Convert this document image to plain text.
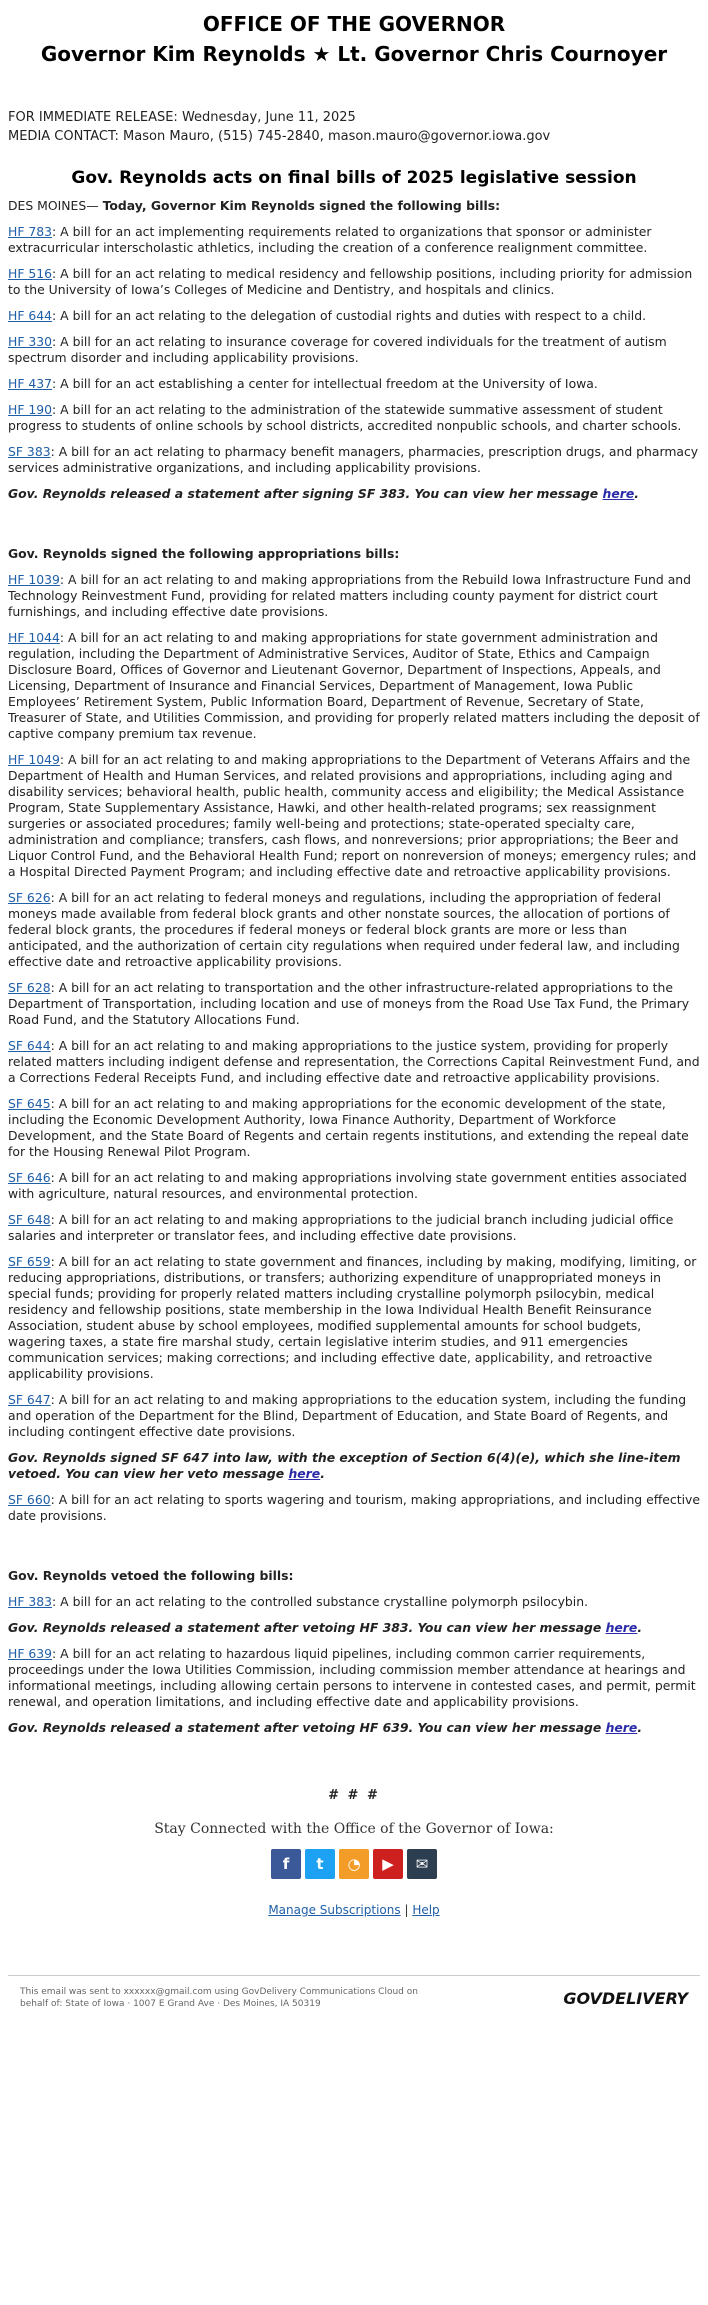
OFFICE OF THE GOVERNOR
Governor Kim Reynolds ★ Lt. Governor Chris Cournoyer
FOR IMMEDIATE RELEASE: Wednesday, June 11, 2025
MEDIA CONTACT: Mason Mauro, (515) 745-2840, mason.mauro@governor.iowa.gov
Gov. Reynolds acts on final bills of 2025 legislative session

DES MOINES— Today, Governor Kim Reynolds signed the following bills:

HF 783: A bill for an act implementing requirements related to organizations that sponsor or administer extracurricular interscholastic athletics, including the creation of a conference realignment committee.

HF 516: A bill for an act relating to medical residency and fellowship positions, including priority for admission to the University of Iowa’s Colleges of Medicine and Dentistry, and hospitals and clinics.

HF 644: A bill for an act relating to the delegation of custodial rights and duties with respect to a child.

HF 330: A bill for an act relating to insurance coverage for covered individuals for the treatment of autism spectrum disorder and including applicability provisions.

HF 437: A bill for an act establishing a center for intellectual freedom at the University of Iowa.

HF 190: A bill for an act relating to the administration of the statewide summative assessment of student progress to students of online schools by school districts, accredited nonpublic schools, and charter schools.

SF 383: A bill for an act relating to pharmacy benefit managers, pharmacies, prescription drugs, and pharmacy services administrative organizations, and including applicability provisions.

Gov. Reynolds released a statement after signing SF 383. You can view her message here.

Gov. Reynolds signed the following appropriations bills:

HF 1039: A bill for an act relating to and making appropriations from the Rebuild Iowa Infrastructure Fund and Technology Reinvestment Fund, providing for related matters including county payment for district court furnishings, and including effective date provisions.

HF 1044: A bill for an act relating to and making appropriations for state government administration and regulation, including the Department of Administrative Services, Auditor of State, Ethics and Campaign Disclosure Board, Offices of Governor and Lieutenant Governor, Department of Inspections, Appeals, and Licensing, Department of Insurance and Financial Services, Department of Management, Iowa Public Employees’ Retirement System, Public Information Board, Department of Revenue, Secretary of State, Treasurer of State, and Utilities Commission, and providing for properly related matters including the deposit of captive company premium tax revenue.

HF 1049: A bill for an act relating to and making appropriations to the Department of Veterans Affairs and the Department of Health and Human Services, and related provisions and appropriations, including aging and disability services; behavioral health, public health, community access and eligibility; the Medical Assistance Program, State Supplementary Assistance, Hawki, and other health-related programs; sex reassignment surgeries or associated procedures; family well-being and protections; state-operated specialty care, administration and compliance; transfers, cash flows, and nonreversions; prior appropriations; the Beer and Liquor Control Fund, and the Behavioral Health Fund; report on nonreversion of moneys; emergency rules; and a Hospital Directed Payment Program; and including effective date and retroactive applicability provisions.

SF 626: A bill for an act relating to federal moneys and regulations, including the appropriation of federal moneys made available from federal block grants and other nonstate sources, the allocation of portions of federal block grants, the procedures if federal moneys or federal block grants are more or less than anticipated, and the authorization of certain city regulations when required under federal law, and including effective date and retroactive applicability provisions.

SF 628: A bill for an act relating to transportation and the other infrastructure-related appropriations to the Department of Transportation, including location and use of moneys from the Road Use Tax Fund, the Primary Road Fund, and the Statutory Allocations Fund.

SF 644: A bill for an act relating to and making appropriations to the justice system, providing for properly related matters including indigent defense and representation, the Corrections Capital Reinvestment Fund, and a Corrections Federal Receipts Fund, and including effective date and retroactive applicability provisions.

SF 645: A bill for an act relating to and making appropriations for the economic development of the state, including the Economic Development Authority, Iowa Finance Authority, Department of Workforce Development, and the State Board of Regents and certain regents institutions, and extending the repeal date for the Housing Renewal Pilot Program.

SF 646: A bill for an act relating to and making appropriations involving state government entities associated with agriculture, natural resources, and environmental protection.

SF 648: A bill for an act relating to and making appropriations to the judicial branch including judicial office salaries and interpreter or translator fees, and including effective date provisions.

SF 659: A bill for an act relating to state government and finances, including by making, modifying, limiting, or reducing appropriations, distributions, or transfers; authorizing expenditure of unappropriated moneys in special funds; providing for properly related matters including crystalline polymorph psilocybin, medical residency and fellowship positions, state membership in the Iowa Individual Health Benefit Reinsurance Association, student abuse by school employees, modified supplemental amounts for school budgets, wagering taxes, a state fire marshal study, certain legislative interim studies, and 911 emergencies communication services; making corrections; and including effective date, applicability, and retroactive applicability provisions.

SF 647: A bill for an act relating to and making appropriations to the education system, including the funding and operation of the Department for the Blind, Department of Education, and State Board of Regents, and including contingent effective date provisions.

Gov. Reynolds signed SF 647 into law, with the exception of Section 6(4)(e), which she line-item vetoed. You can view her veto message here.

SF 660: A bill for an act relating to sports wagering and tourism, making appropriations, and including effective date provisions.

Gov. Reynolds vetoed the following bills:

HF 383: A bill for an act relating to the controlled substance crystalline polymorph psilocybin.

Gov. Reynolds released a statement after vetoing HF 383. You can view her message here.

HF 639: A bill for an act relating to hazardous liquid pipelines, including common carrier requirements, proceedings under the Iowa Utilities Commission, including commission member attendance at hearings and informational meetings, including allowing certain persons to intervene in contested cases, and permit, permit renewal, and operation limitations, and including effective date and applicability provisions.

Gov. Reynolds released a statement after vetoing HF 639. You can view her message here.

# # #
Stay Connected with the Office of the Governor of Iowa:
f	t	◔	▶	✉
Manage Subscriptions | Help
This email was sent to xxxxxx@gmail.com using GovDelivery Communications Cloud on behalf of: State of Iowa · 1007 E Grand Ave · Des Moines, IA 50319	GOVDELIVERY
